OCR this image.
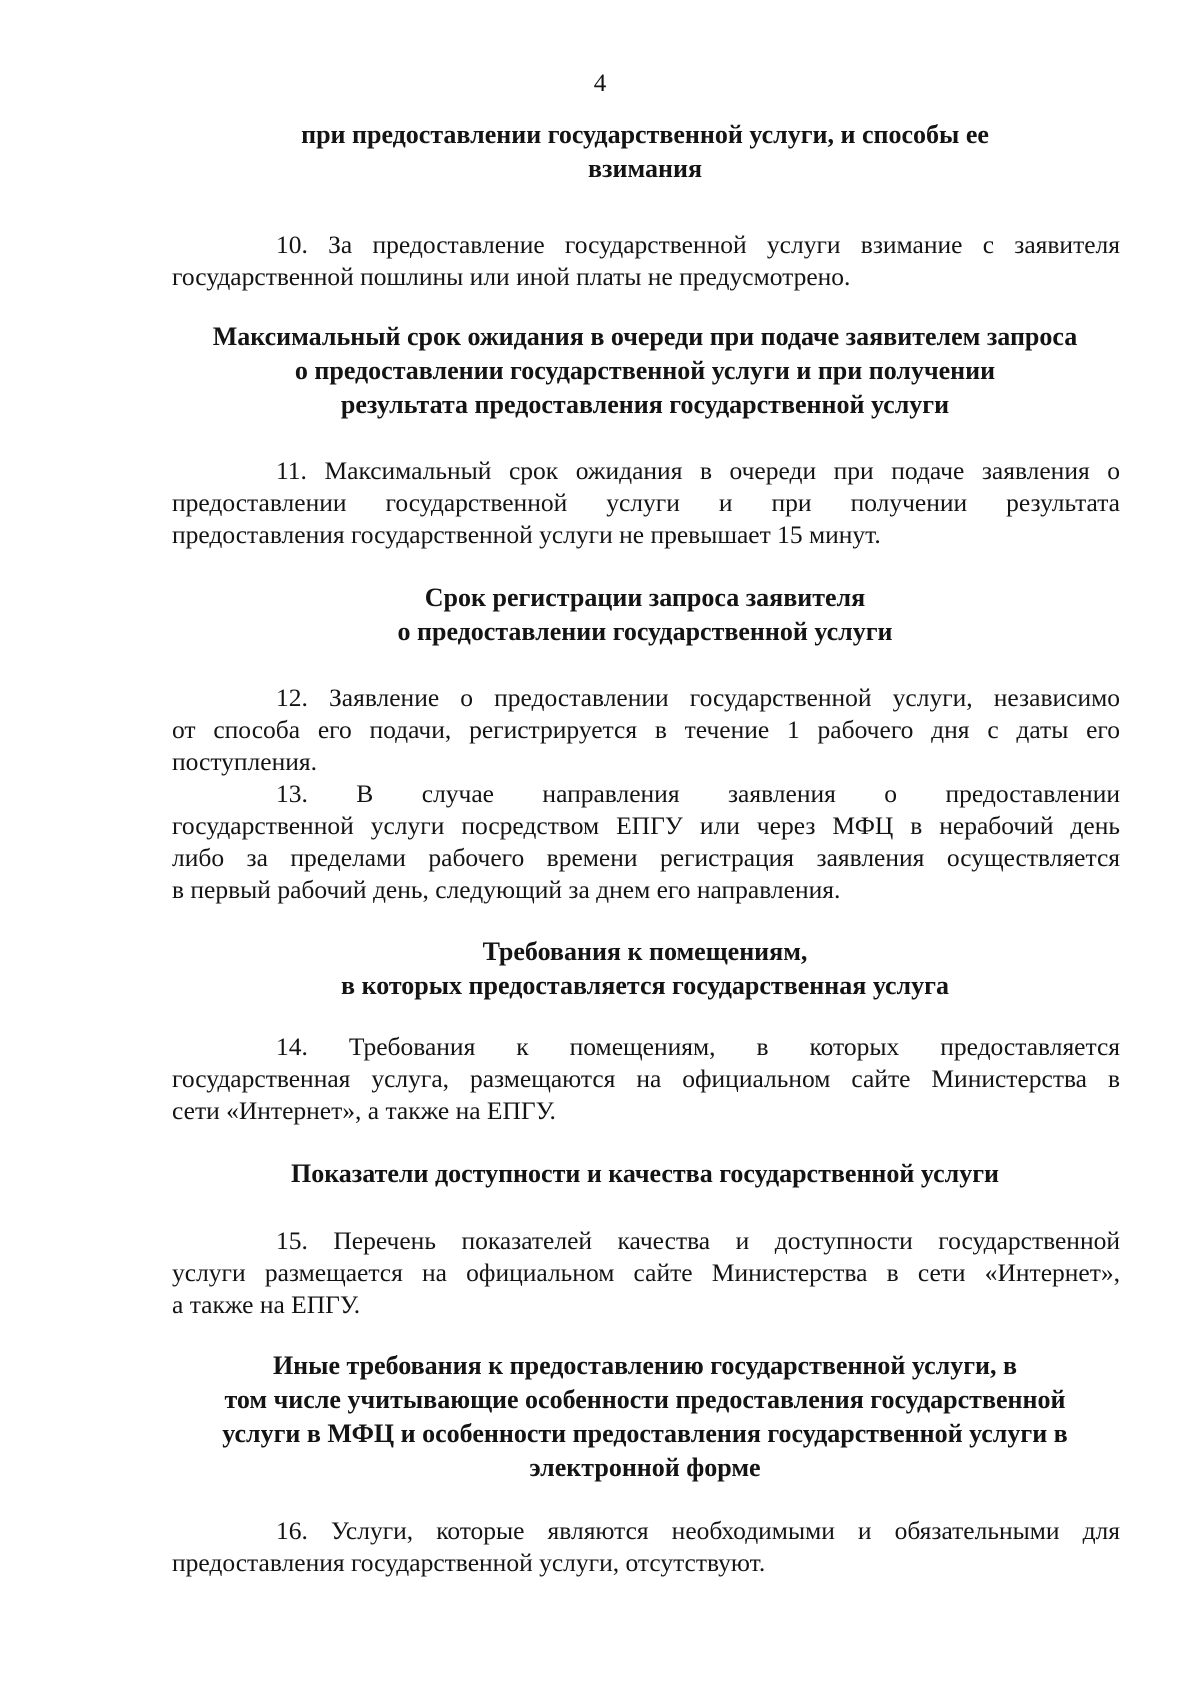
4
при предоставлении государственной услуги, и способы ее
взимания
10. За предоставление государственной услуги взимание с заявителя
государственной пошлины или иной платы не предусмотрено.
Максимальный срок ожидания в очереди при подаче заявителем запроса
о предоставлении государственной услуги и при получении
результата предоставления государственной услуги
11. Максимальный срок ожидания в очереди при подаче заявления о
предоставлении государственной услуги и при получении результата
предоставления государственной услуги не превышает 15 минут.
Срок регистрации запроса заявителя
о предоставлении государственной услуги
12. Заявление о предоставлении государственной услуги, независимо
от способа его подачи, регистрируется в течение 1 рабочего дня с даты его
поступления.
13. В случае направления заявления о предоставлении
государственной услуги посредством ЕПГУ или через МФЦ в нерабочий день
либо за пределами рабочего времени регистрация заявления осуществляется
в первый рабочий день, следующий за днем его направления.
Требования к помещениям,
в которых предоставляется государственная услуга
14. Требования к помещениям, в которых предоставляется
государственная услуга, размещаются на официальном сайте Министерства в
сети «Интернет», а также на ЕПГУ.
Показатели доступности и качества государственной услуги
15. Перечень показателей качества и доступности государственной
услуги размещается на официальном сайте Министерства в сети «Интернет»,
а также на ЕПГУ.
Иные требования к предоставлению государственной услуги, в
том числе учитывающие особенности предоставления государственной
услуги в МФЦ и особенности предоставления государственной услуги в
электронной форме
16. Услуги, которые являются необходимыми и обязательными для
предоставления государственной услуги, отсутствуют.
